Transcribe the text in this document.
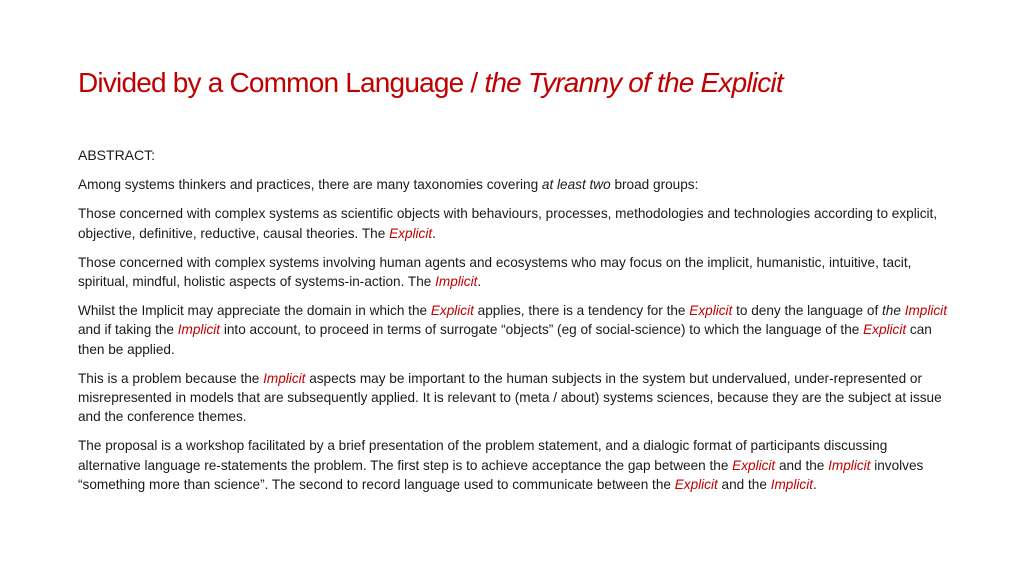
Divided by a Common Language / the Tyranny of the Explicit
ABSTRACT:

Among systems thinkers and practices, there are many taxonomies covering at least two broad groups:

Those concerned with complex systems as scientific objects with behaviours, processes, methodologies and technologies according to explicit, objective, definitive, reductive, causal theories. The Explicit.

Those concerned with complex systems involving human agents and ecosystems who may focus on the implicit, humanistic, intuitive, tacit, spiritual, mindful, holistic aspects of systems-in-action. The Implicit.

Whilst the Implicit may appreciate the domain in which the Explicit applies, there is a tendency for the Explicit to deny the language of the Implicit and if taking the Implicit into account, to proceed in terms of surrogate “objects” (eg of social-science) to which the language of the Explicit can then be applied.

This is a problem because the Implicit aspects may be important to the human subjects in the system but undervalued, under-represented or misrepresented in models that are subsequently applied. It is relevant to (meta / about) systems sciences, because they are the subject at issue and the conference themes.

The proposal is a workshop facilitated by a brief presentation of the problem statement, and a dialogic format of participants discussing alternative language re-statements the problem. The first step is to achieve acceptance the gap between the Explicit and the Implicit involves “something more than science”. The second to record language used to communicate between the Explicit and the Implicit.
